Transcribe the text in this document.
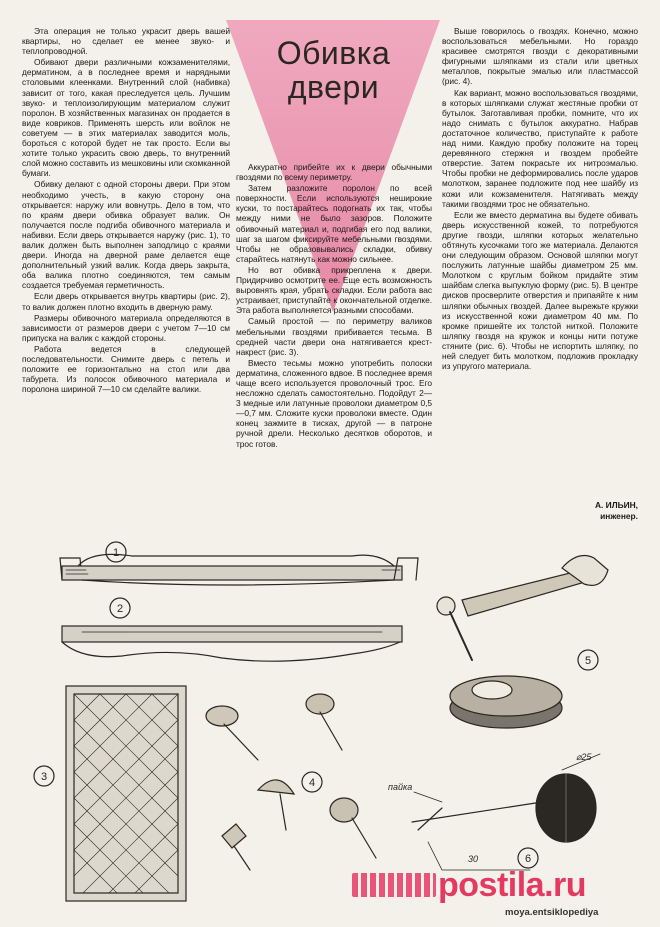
Обивка
двери

Эта операция не только украсит дверь вашей квартиры, но сделает ее менее звуко- и теплопроводной.

Обивают двери различными кожзаменителями, дерматином, а в последнее время и нарядными столовыми клеенками. Внутренний слой (набивка) зависит от того, какая преследуется цель. Лучшим звуко- и теплоизолирующим материалом служит поролон. В хозяйственных магазинах он продается в виде ковриков. Применять шерсть или войлок не советуем — в этих материалах заводится моль, бороться с которой будет не так просто. Если вы хотите только украсить свою дверь, то внутренний слой можно составить из мешковины или скомканной бумаги.

Обивку делают с одной стороны двери. При этом необходимо учесть, в какую сторону она открывается: наружу или вовнутрь. Дело в том, что по краям двери обивка образует валик. Он получается после подгиба обивочного материала и набивки. Если дверь открывается наружу (рис. 1), то валик должен быть выполнен заподлицо с краями двери. Иногда на дверной раме делается еще дополнительный узкий валик. Когда дверь закрыта, оба валика плотно соединяются, тем самым создается требуемая герметичность.

Если дверь открывается внутрь квартиры (рис. 2), то валик должен плотно входить в дверную раму.

Размеры обивочного материала определяются в зависимости от размеров двери с учетом 7—10 см припуска на валик с каждой стороны.

Работа ведется в следующей последовательности. Снимите дверь с петель и положите ее горизонтально на стол или два табурета. Из полосок обивочного материала и поролона шириной 7—10 см сделайте валики.

Аккуратно прибейте их к двери обычными гвоздями по всему периметру.

Затем разложите поролон по всей поверхности. Если используются неширокие куски, то постарайтесь подогнать их так, чтобы между ними не было зазоров. Положите обивочный материал и, подгибая его под валики, шаг за шагом фиксируйте мебельными гвоздями. Чтобы не образовывались складки, обивку старайтесь натянуть как можно сильнее.

Но вот обивка прикреплена к двери. Придирчиво осмотрите ее. Еще есть возможность выровнять края, убрать складки. Если работа вас устраивает, приступайте к окончательной отделке. Эта работа выполняется разными способами.

Самый простой — по периметру валиков мебельными гвоздями прибивается тесьма. В средней части двери она натягивается крест-накрест (рис. 3).

Вместо тесьмы можно употребить полоски дерматина, сложенного вдвое. В последнее время чаще всего используется проволочный трос. Его несложно сделать самостоятельно. Подойдут 2—3 медные или латунные проволоки диаметром 0,5—0,7 мм. Сложите куски проволоки вместе. Один конец зажмите в тисках, другой — в патроне ручной дрели. Несколько десятков оборотов, и трос готов.

Выше говорилось о гвоздях. Конечно, можно воспользоваться мебельными. Но гораздо красивее смотрятся гвозди с декоративными фигурными шляпками из стали или цветных металлов, покрытые эмалью или пластмассой (рис. 4).

Как вариант, можно воспользоваться гвоздями, в которых шляпками служат жестяные пробки от бутылок. Заготавливая пробки, помните, что их надо снимать с бутылок аккуратно. Набрав достаточное количество, приступайте к работе над ними. Каждую пробку положите на торец деревянного стержня и гвоздем пробейте отверстие. Затем покрасьте их нитроэмалью. Чтобы пробки не деформировались после ударов молотком, заранее подложите под нее шайбу из кожи или кожзаменителя. Натягивать между такими гвоздями трос не обязательно.

Если же вместо дерматина вы будете обивать дверь искусственной кожей, то потребуются другие гвозди, шляпки которых желательно обтянуть кусочками того же материала. Делаются они следующим образом. Основой шляпки могут послужить латунные шайбы диаметром 25 мм. Молотком с круглым бойком придайте этим шайбам слегка выпуклую форму (рис. 5). В центре дисков просверлите отверстия и припаяйте к ним шляпки обычных гвоздей. Далее вырежьте кружки из искусственной кожи диаметром 40 мм. По кромке пришейте их толстой ниткой. Положите шляпку гвоздя на кружок и концы нити потуже стяните (рис. 6). Чтобы не испортить шляпку, по ней следует бить молотком, подложив прокладку из упругого материала.

А. ИЛЬИН,
инженер.
1
2
3	4
5
6
пайка
30
⌀25
postila.ru
moya.entsiklopediya
